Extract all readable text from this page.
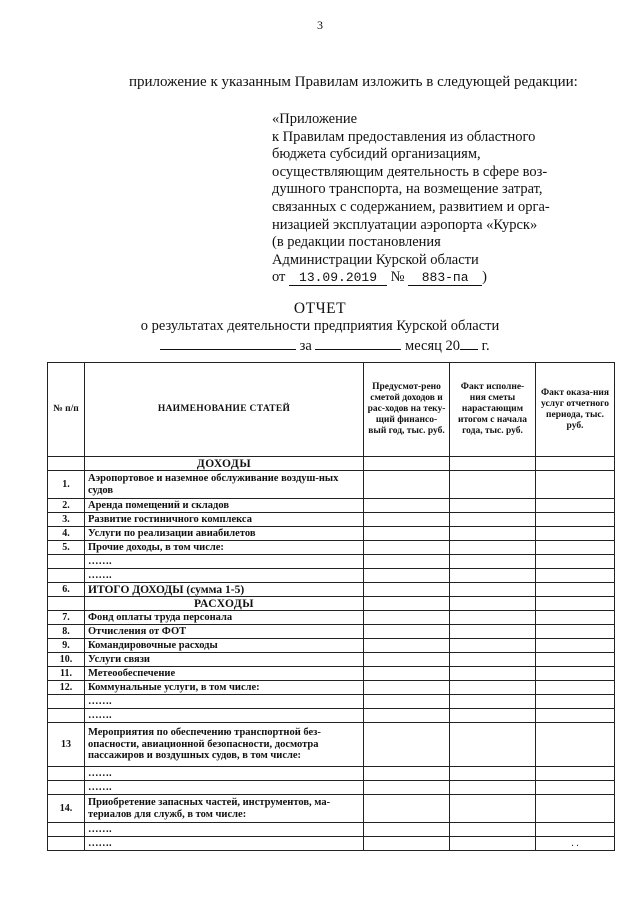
3
приложение к указанным Правилам изложить в следующей редакции:
«Приложение
к Правилам предоставления из областного
бюджета субсидий организациям,
осуществляющим деятельность в сфере воз-
душного транспорта, на возмещение затрат,
связанных с содержанием, развитием и орга-
низацией эксплуатации аэропорта «Курск»
(в редакции постановления
Администрации Курской области
от 13.09.2019 № 883-па )
ОТЧЕТ
о результатах деятельности предприятия Курской области
за	месяц 20 г.
№ п/п	НАИМЕНОВАНИЕ СТАТЕЙ	Предусмот-рено сметой доходов и рас-ходов на теку-щий финансо-вый год, тыс. руб.	Факт исполне-ния сметы нарастающим итогом с начала года, тыс. руб.	Факт оказа-ния услуг отчетного периода, тыс. руб.
	ДОХОДЫ			
1.	Аэропортовое и наземное обслуживание воздуш-ных судов			
2.	Аренда помещений и складов			
3.	Развитие гостиничного комплекса			
4.	Услуги по реализации авиабилетов			
5.	Прочие доходы, в том числе:			
	…….			
	…….			
6.	ИТОГО ДОХОДЫ (сумма 1-5)			
	РАСХОДЫ			
7.	Фонд оплаты труда персонала			
8.	Отчисления от ФОТ			
9.	Командировочные расходы			
10.	Услуги связи			
11.	Метеообеспечение			
12.	Коммунальные услуги, в том числе:			
	…….			
	…….			
13	Мероприятия по обеспечению транспортной без-опасности, авиационной безопасности, досмотра пассажиров и воздушных судов, в том числе:			
	…….			
	…….			
14.	Приобретение запасных частей, инструментов, ма-териалов для служб, в том числе:			
	…….			
	…….			. .
